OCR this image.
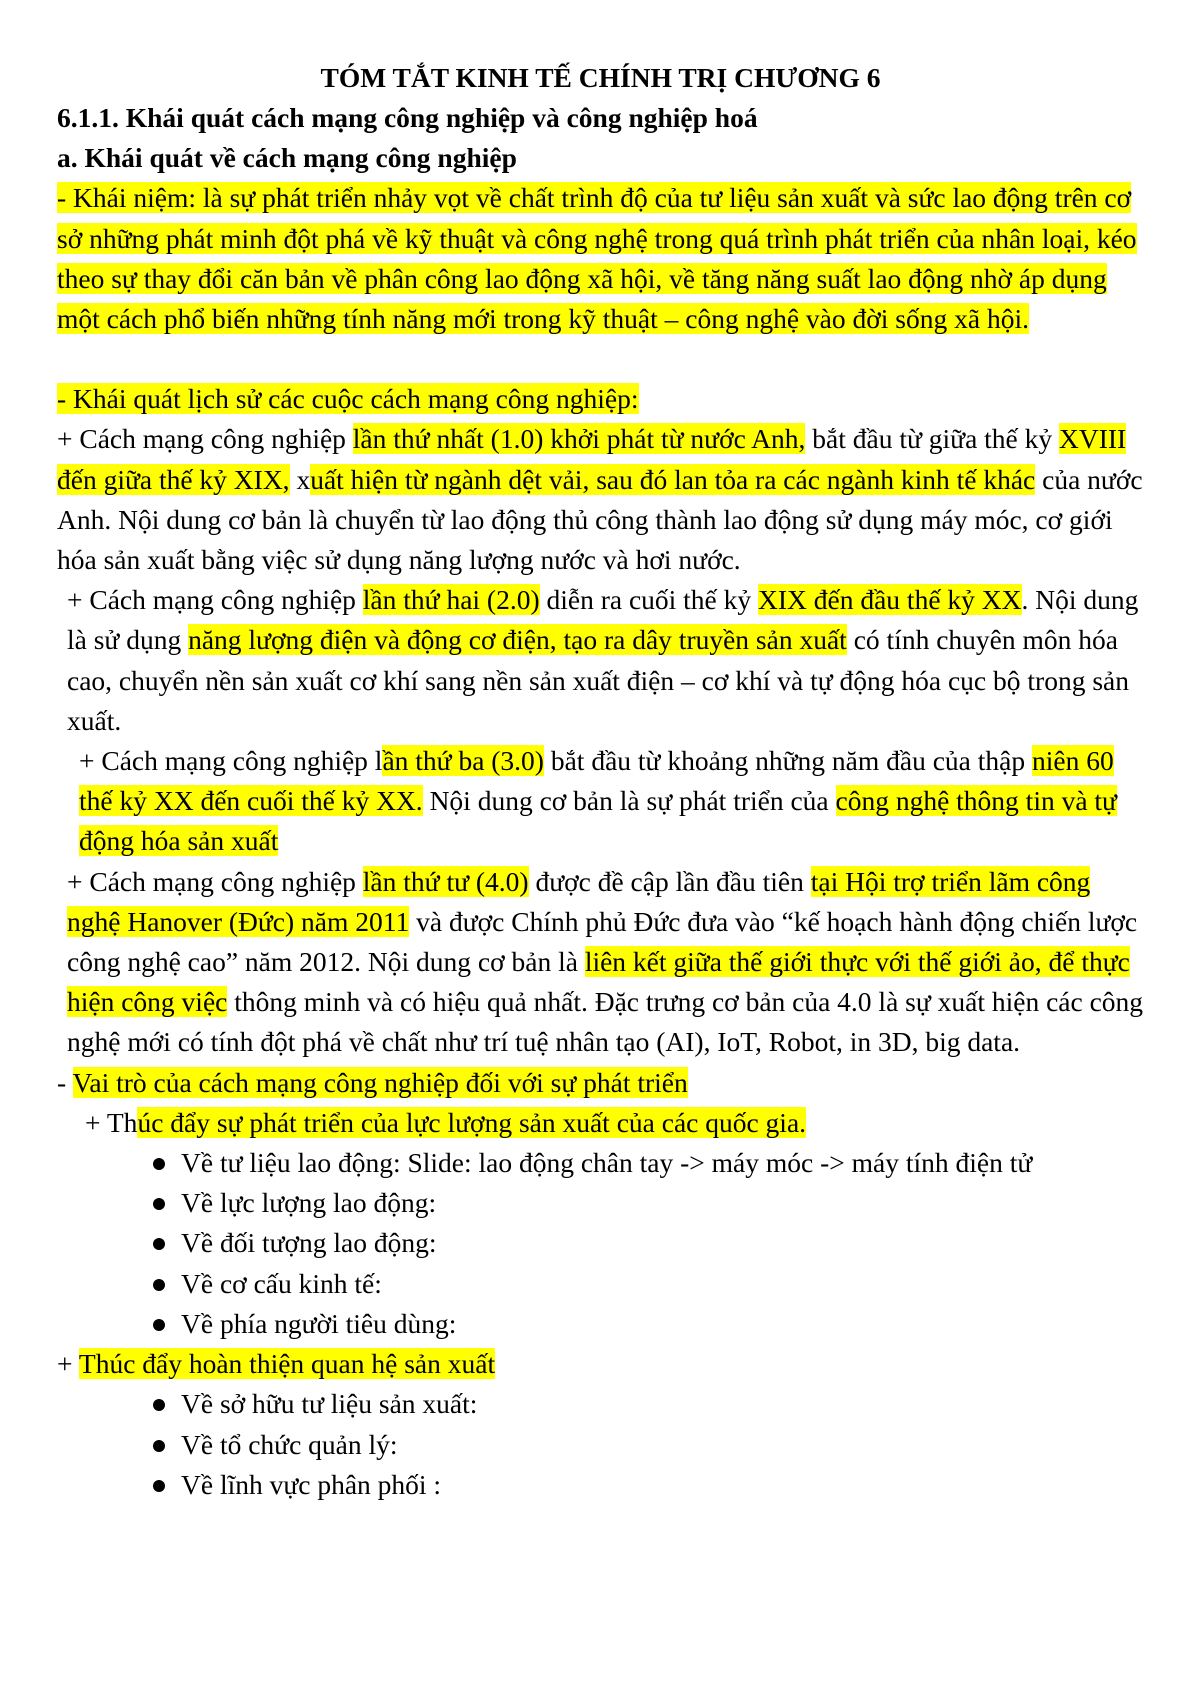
TÓM TẮT KINH TẾ CHÍNH TRỊ CHƯƠNG 6

6.1.1. Khái quát cách mạng công nghiệp và công nghiệp hoá

a. Khái quát về cách mạng công nghiệp

- Khái niệm: là sự phát triển nhảy vọt về chất trình độ của tư liệu sản xuất và sức lao động trên cơ sở những phát minh đột phá về kỹ thuật và công nghệ trong quá trình phát triển của nhân loại, kéo theo sự thay đổi căn bản về phân công lao động xã hội, về tăng năng suất lao động nhờ áp dụng một cách phổ biến những tính năng mới trong kỹ thuật – công nghệ vào đời sống xã hội.

- Khái quát lịch sử các cuộc cách mạng công nghiệp:

+ Cách mạng công nghiệp lần thứ nhất (1.0) khởi phát từ nước Anh, bắt đầu từ giữa thế kỷ XVIII đến giữa thế kỷ XIX, xuất hiện từ ngành dệt vải, sau đó lan tỏa ra các ngành kinh tế khác của nước Anh. Nội dung cơ bản là chuyển từ lao động thủ công thành lao động sử dụng máy móc, cơ giới hóa sản xuất bằng việc sử dụng năng lượng nước và hơi nước.

+ Cách mạng công nghiệp lần thứ hai (2.0) diễn ra cuối thế kỷ XIX đến đầu thế kỷ XX. Nội dung là sử dụng năng lượng điện và động cơ điện, tạo ra dây truyền sản xuất có tính chuyên môn hóa cao, chuyển nền sản xuất cơ khí sang nền sản xuất điện – cơ khí và tự động hóa cục bộ trong sản xuất.

+ Cách mạng công nghiệp lần thứ ba (3.0) bắt đầu từ khoảng những năm đầu của thập niên 60 thế kỷ XX đến cuối thế kỷ XX. Nội dung cơ bản là sự phát triển của công nghệ thông tin và tự động hóa sản xuất

+ Cách mạng công nghiệp lần thứ tư (4.0) được đề cập lần đầu tiên tại Hội trợ triển lãm công nghệ Hanover (Đức) năm 2011 và được Chính phủ Đức đưa vào “kế hoạch hành động chiến lược công nghệ cao” năm 2012. Nội dung cơ bản là liên kết giữa thế giới thực với thế giới ảo, để thực hiện công việc thông minh và có hiệu quả nhất. Đặc trưng cơ bản của 4.0 là sự xuất hiện các công nghệ mới có tính đột phá về chất như trí tuệ nhân tạo (AI), IoT, Robot, in 3D, big data.

- Vai trò của cách mạng công nghiệp đối với sự phát triển

+ Thúc đẩy sự phát triển của lực lượng sản xuất của các quốc gia.

Về tư liệu lao động: Slide: lao động chân tay -> máy móc -> máy tính điện tử
Về lực lượng lao động:
Về đối tượng lao động:
Về cơ cấu kinh tế:
Về phía người tiêu dùng:

+ Thúc đẩy hoàn thiện quan hệ sản xuất

Về sở hữu tư liệu sản xuất:
Về tổ chức quản lý:
Về lĩnh vực phân phối :
